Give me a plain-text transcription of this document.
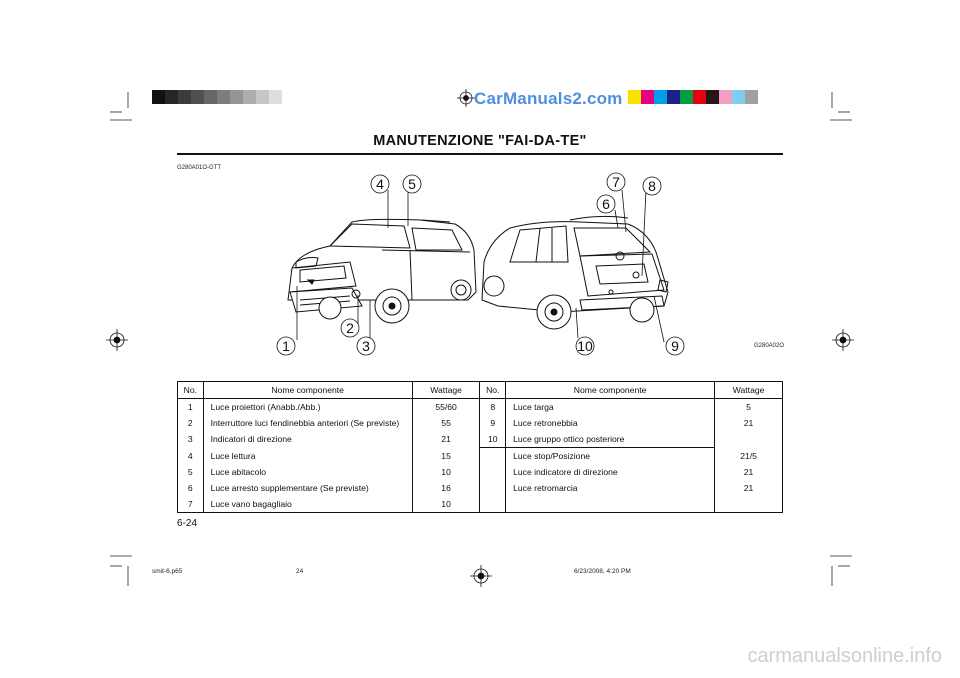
CarManuals2.com
MANUTENZIONE "FAI-DA-TE"
G280A01O-GTT
G280A02O
1
2
3
4 5
6
7 8
9
10
No.	Nome componente	Wattage	No.	Nome componente	Wattage
1	Luce proiettori (Anabb./Abb.)	55/60	8	Luce targa	5
2	Interruttore luci fendinebbia anteriori (Se previste)	55	9	Luce retronebbia	21
3	Indicatori di direzione	21	10	Luce gruppo ottico posteriore	
4	Luce lettura	15		Luce stop/Posizione	21/5
5	Luce abitacolo	10		Luce indicatore di direzione	21
6	Luce arresto supplementare (Se previste)	16		Luce retromarcia	21
7	Luce vano bagagliaio	10			
6-24
smit-6.p65	24	6/23/2008, 4:20 PM
carmanualsonline.info
